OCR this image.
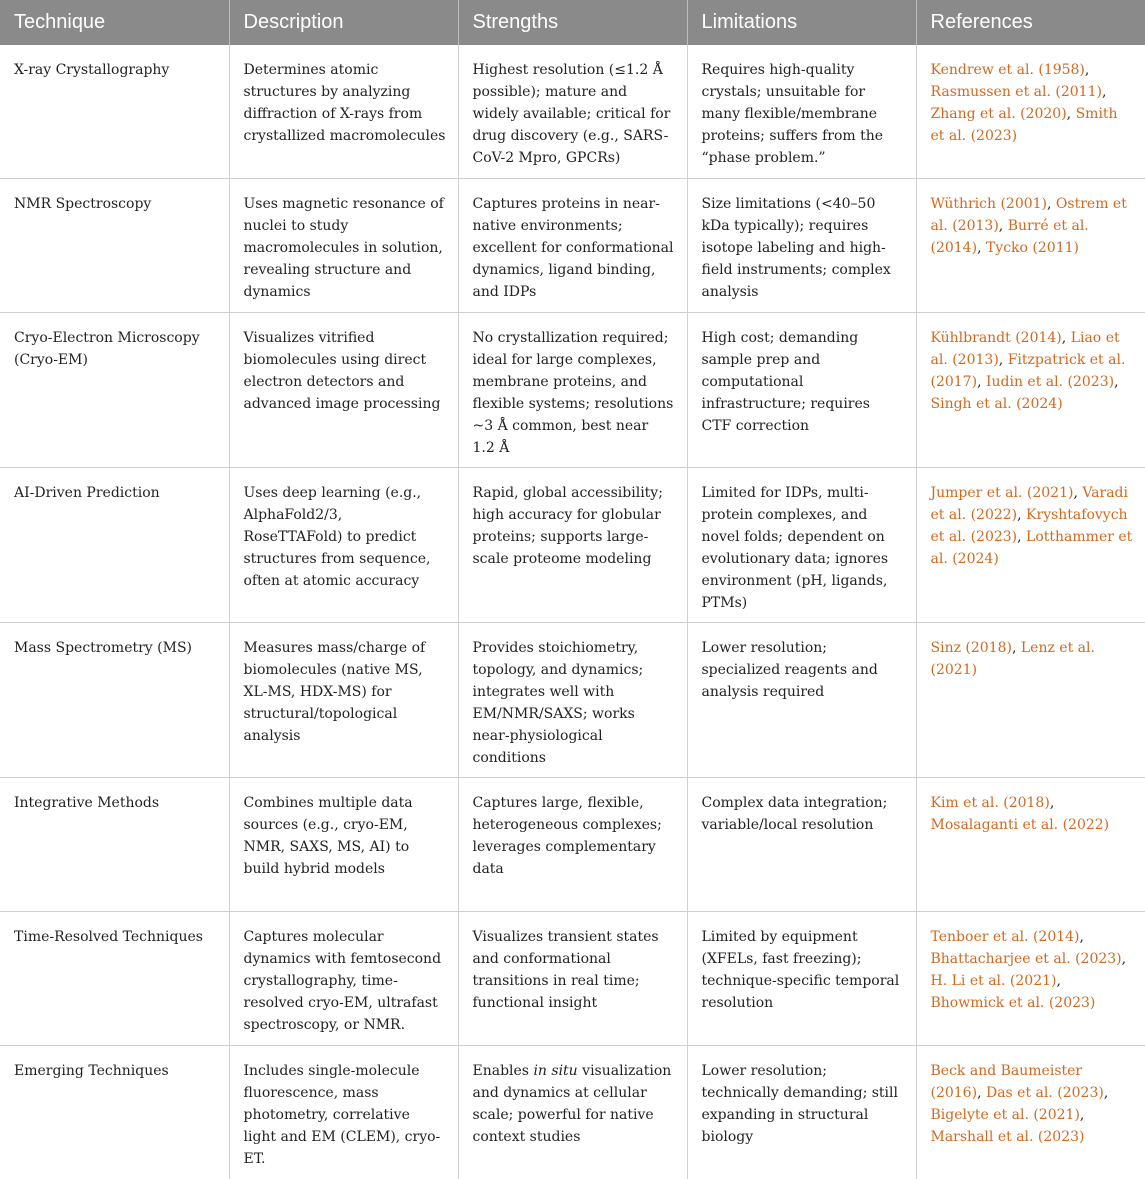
Technique	Description	Strengths	Limitations	References
X-ray Crystallography	Determines atomic structures by analyzing diffraction of X-rays from crystallized macromolecules	Highest resolution (≤1.2 Å possible); mature and widely available; critical for drug discovery (e.g., SARS-CoV-2 Mpro, GPCRs)	Requires high-quality crystals; unsuitable for many flexible/membrane proteins; suffers from the “phase problem.”	Kendrew et al. (1958), Rasmussen et al. (2011), Zhang et al. (2020), Smith et al. (2023)
NMR Spectroscopy	Uses magnetic resonance of nuclei to study macromolecules in solution, revealing structure and dynamics	Captures proteins in near-native environments; excellent for conformational dynamics, ligand binding, and IDPs	Size limitations (<40–50 kDa typically); requires isotope labeling and high-field instruments; complex analysis	Wüthrich (2001), Ostrem et al. (2013), Burré et al. (2014), Tycko (2011)
Cryo-Electron Microscopy (Cryo-EM)	Visualizes vitrified biomolecules using direct electron detectors and advanced image processing	No crystallization required; ideal for large complexes, membrane proteins, and flexible systems; resolutions ~3 Å common, best near 1.2 Å	High cost; demanding sample prep and computational infrastructure; requires CTF correction	Kühlbrandt (2014), Liao et al. (2013), Fitzpatrick et al. (2017), Iudin et al. (2023), Singh et al. (2024)
AI-Driven Prediction	Uses deep learning (e.g., AlphaFold2/3, RoseTTAFold) to predict structures from sequence, often at atomic accuracy	Rapid, global accessibility; high accuracy for globular proteins; supports large-scale proteome modeling	Limited for IDPs, multi-protein complexes, and novel folds; dependent on evolutionary data; ignores environment (pH, ligands, PTMs)	Jumper et al. (2021), Varadi et al. (2022), Kryshtafovych et al. (2023), Lotthammer et al. (2024)
Mass Spectrometry (MS)	Measures mass/charge of biomolecules (native MS, XL-MS, HDX-MS) for structural/topological analysis	Provides stoichiometry, topology, and dynamics; integrates well with EM/NMR/SAXS; works near-physiological conditions	Lower resolution; specialized reagents and analysis required	Sinz (2018), Lenz et al. (2021)
Integrative Methods	Combines multiple data sources (e.g., cryo-EM, NMR, SAXS, MS, AI) to build hybrid models	Captures large, flexible, heterogeneous complexes; leverages complementary data	Complex data integration; variable/local resolution	Kim et al. (2018), Mosalaganti et al. (2022)
Time-Resolved Techniques	Captures molecular dynamics with femtosecond crystallography, time-resolved cryo-EM, ultrafast spectroscopy, or NMR.	Visualizes transient states and conformational transitions in real time; functional insight	Limited by equipment (XFELs, fast freezing); technique-specific temporal resolution	Tenboer et al. (2014), Bhattacharjee et al. (2023), H. Li et al. (2021), Bhowmick et al. (2023)
Emerging Techniques	Includes single-molecule fluorescence, mass photometry, correlative light and EM (CLEM), cryo-ET.	Enables in situ visualization and dynamics at cellular scale; powerful for native context studies	Lower resolution; technically demanding; still expanding in structural biology	Beck and Baumeister (2016), Das et al. (2023), Bigelyte et al. (2021), Marshall et al. (2023)
